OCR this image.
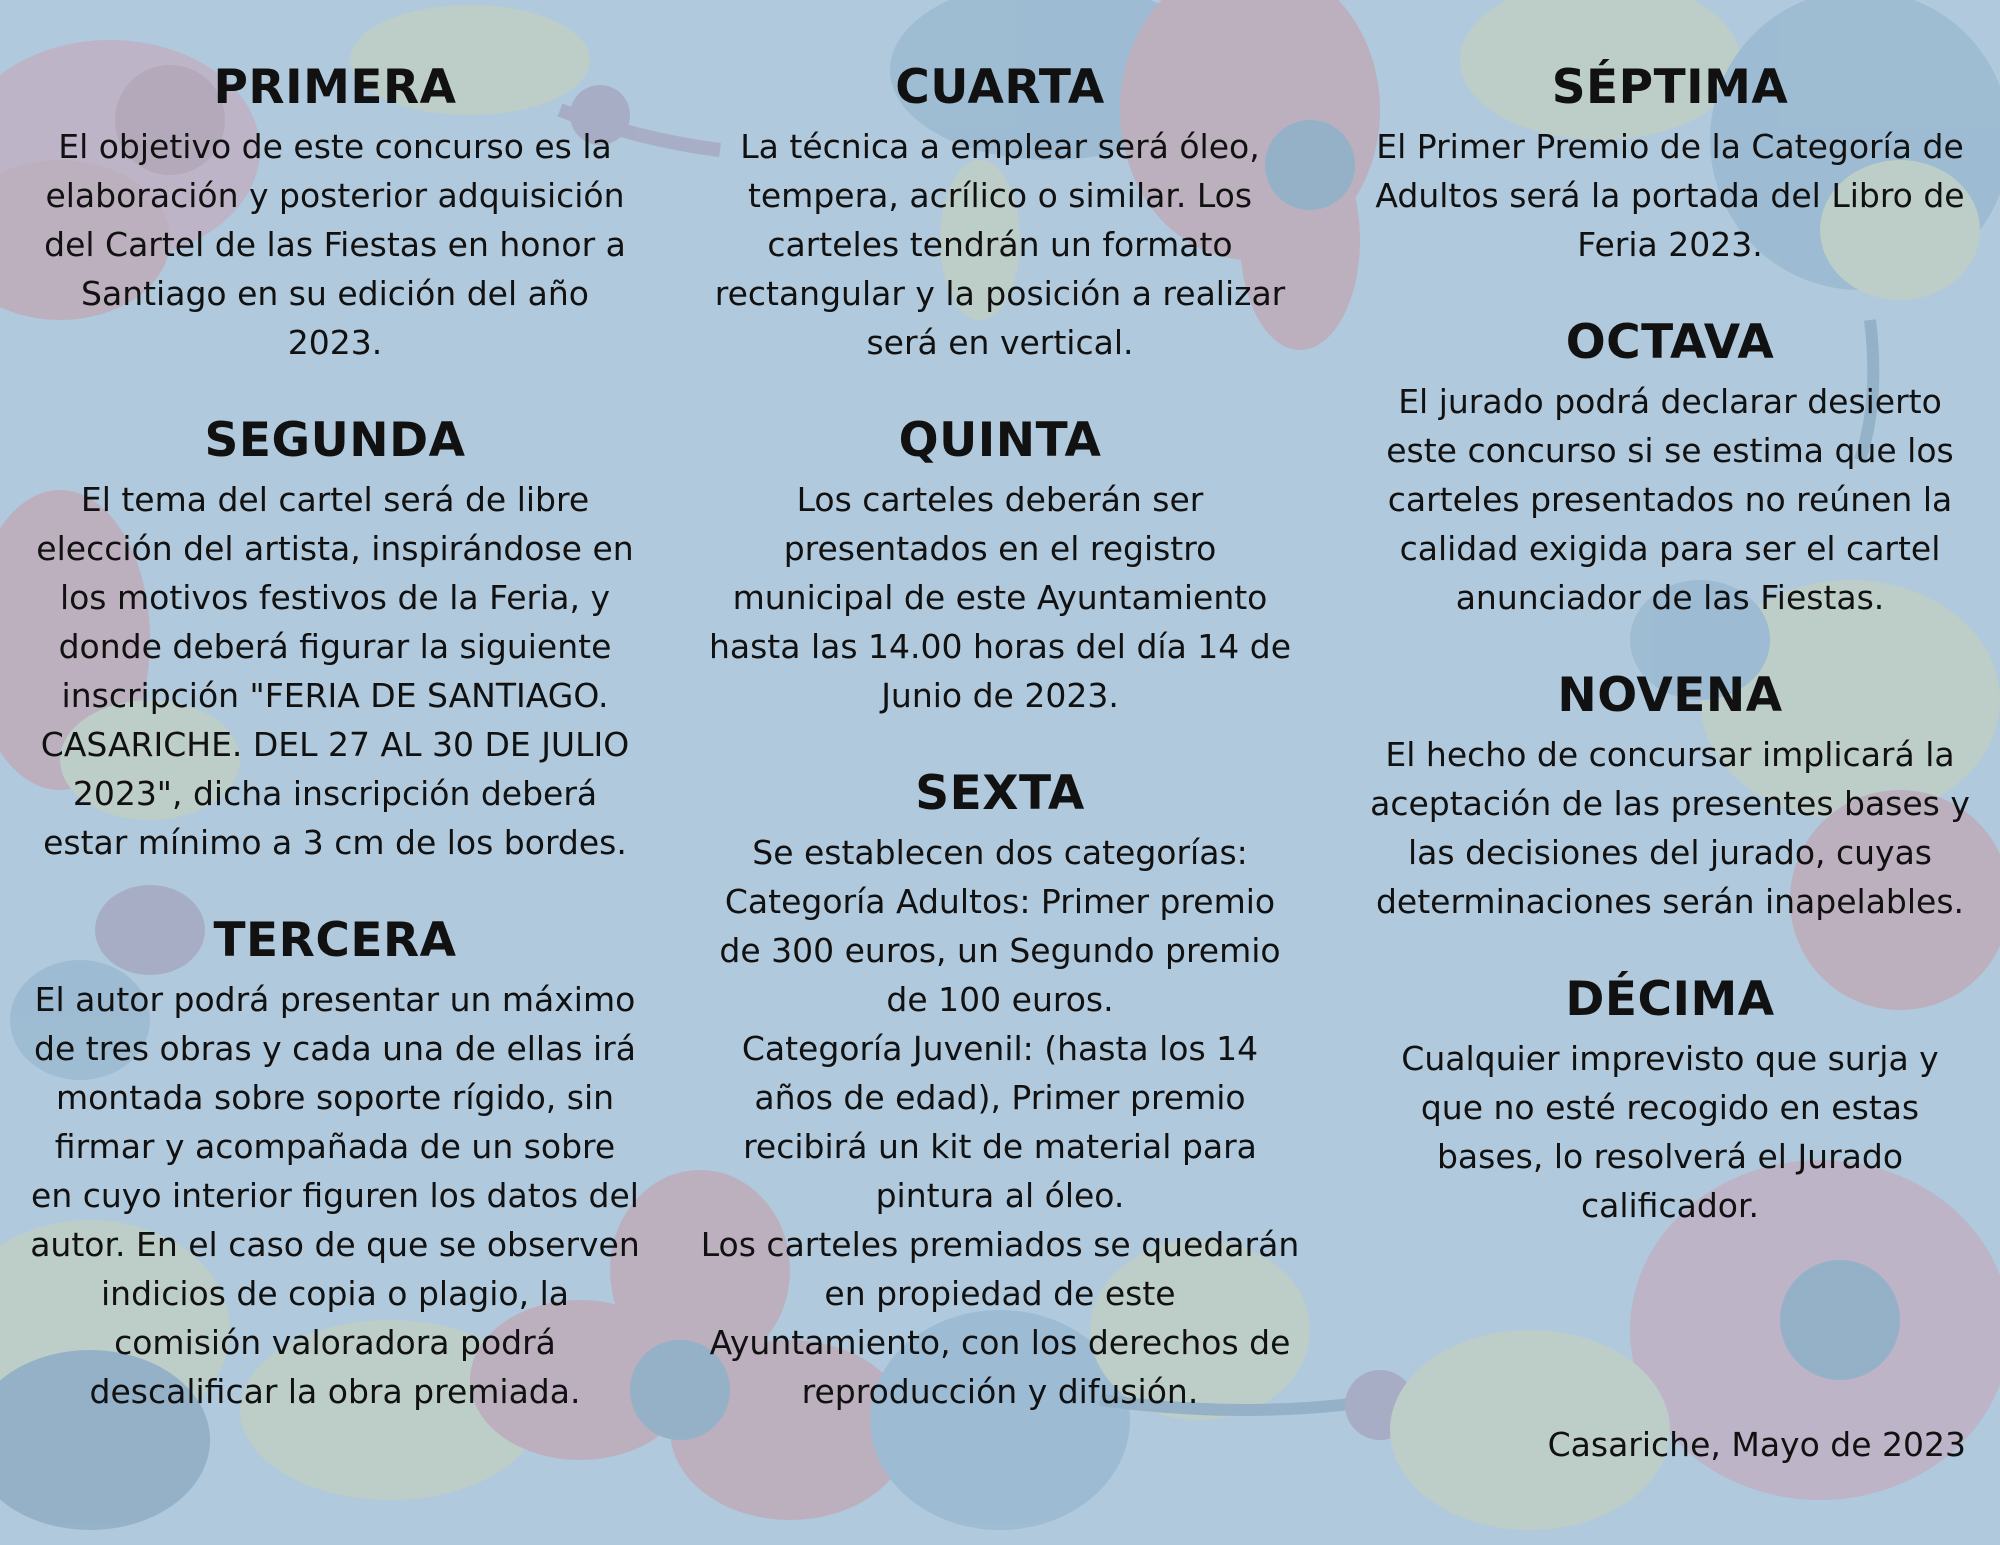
PRIMERA

El objetivo de este concurso es la elaboración y posterior adquisición del Cartel de las Fiestas en honor a Santiago en su edición del año 2023.

SEGUNDA

El tema del cartel será de libre elección del artista, inspirándose en los motivos festivos de la Feria, y donde deberá figurar la siguiente inscripción "FERIA DE SANTIAGO. CASARICHE. DEL 27 AL 30 DE JULIO 2023", dicha inscripción deberá estar mínimo a 3 cm de los bordes.

TERCERA

El autor podrá presentar un máximo de tres obras y cada una de ellas irá montada sobre soporte rígido, sin firmar y acompañada de un sobre en cuyo interior figuren los datos del autor. En el caso de que se observen indicios de copia o plagio, la comisión valoradora podrá descalificar la obra premiada.

CUARTA

La técnica a emplear será óleo, tempera, acrílico o similar. Los carteles tendrán un formato rectangular y la posición a realizar será en vertical.

QUINTA

Los carteles deberán ser presentados en el registro municipal de este Ayuntamiento hasta las 14.00 horas del día 14 de Junio de 2023.

SEXTA

Se establecen dos categorías:
Categoría Adultos: Primer premio de 300 euros, un Segundo premio de 100 euros.
Categoría Juvenil: (hasta los 14 años de edad), Primer premio recibirá un kit de material para pintura al óleo.
Los carteles premiados se quedarán en propiedad de este Ayuntamiento, con los derechos de reproducción y difusión.

SÉPTIMA

El Primer Premio de la Categoría de Adultos será la portada del Libro de Feria 2023.

OCTAVA

El jurado podrá declarar desierto este concurso si se estima que los carteles presentados no reúnen la calidad exigida para ser el cartel anunciador de las Fiestas.

NOVENA

El hecho de concursar implicará la aceptación de las presentes bases y las decisiones del jurado, cuyas determinaciones serán inapelables.

DÉCIMA

Cualquier imprevisto que surja y que no esté recogido en estas bases, lo resolverá el Jurado calificador.

Casariche, Mayo de 2023
